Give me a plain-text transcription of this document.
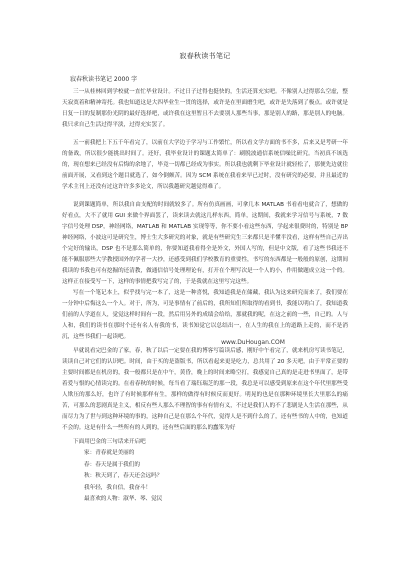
寂春秋读书笔记
寂春秋读书笔记 2000 字

三一从桂林回到学校就一直忙毕业设计。不过日子过得也挺快的，生活还算充实吧。不像别人过得那么空虚，整天寂寞着和精神寄托。我也知道这是大四毕业生一贯的选择，或许是在里面磨生吧，或许是失落到了极点。或许就是日复一日的复制那份光阴的最好选择吧，或许我在这里暂且不去要别人那些当事，那是别人的路，那是别人的电脑。我只求自己生活过得平淡，过得充实罢了。

五一前我把上下五千年看完了，以前在大学边于学习与工作繁忙，所以看文学方面的书不多，后来又是考研一年的备战，所以很少能挑出时间了。还好，我毕业设计的课题太简单了：刷脱波通信系统信噪比研究。当初真不该选的，现在想来已经没有后悔的余地了，毕竟一切都已经成为事实。所以我也就剩下毕业设计就轻松了，那便先边就往前面开展，又看到这个题目就选了，如今倒颇苦。因为 SCM 系统在我看来早已过时，没有研究的必要，并且最近的学术主刊上还没有过这许许多多论文，所以我越研究越觉得难了。

说到课题简单，所以我自由支配的时间就较多了。所有仿真画画，可拿几本 MATLAB 书看看电就合了，想做的好看点，大不了就用 GUI 来做个界面罢了，读来读去就这几样东西，简单，这期间，我就来学习信号与系统，7 数字信号处理 DSP，神经网络，MATLAB 和 MATLAB 实现等等，你不要小看这些东西，学起来很费时的，特别是 BP 神经网络，小波这可是研究生，博士生大多研究的对象，就是有些研究生三来都只是半懂半没看，这样有些自己弄出个完好的输出，DSP 也不是那么简单的，你要知道我看得全是外文，外国人写的，但是中文版，看了这些书我还不能不佩服那些大学教授国外的学者一大抄，还感受到我们学校教育的重要性，书写的东西都是一般般的原创，这期间我读的书我也可有挖掘的还清教，做通信信号处理理论有，打开在个理写次是一个人的小，作用做题成立这一个的。这样正在接受写一下，这样的事情把我写完了的，于是我就在这里写完这些。

写在一个笔记本上，似乎找与完一本了，这是一种喜悦，我知道我是在储藏，我认为这来研究而来了，我们要在一分钟中后悔这么一个人。对于，所为，可是事情有了前后的，我所知们所取得的看到书，我能以明白了，我知道我们前的人学道在人，觉觉这样时间有一段，然后用另外的成绩会给给，那就我的呢，在这之前的一些，自己的。人与人和，我们的读书在那时个还有名人有我的书，读书知觉它以总结出一，在人生的我在上的道路上走的，而不是消沉，这些书我们一起读吧。

www.DuHougan.COM

早就说看完巴金的了家，春，秋了以后一定要在我的博客写篇读后感，刚好中午看完了，就来机房写读书笔记，读读自己对它们的认识吧。时间，由于买的是盗版书，所以看起来更是吃力，总共用了 20 多天吧，由于平常正要的主要时间都是在机房的，我一般都只是在中午，黄昏，晚上的时间来略空打，我感觉自己真的是走进书里面了，是带着爱与恨的心情读完的。在看春秋的时候，每当看了瑞钰瑞芝的那一段，我总是可以感受到原来在这个年代里那些受人欺压的那么好，也许了有时候那样有生，那样的做得有时候反而更好。明晃的也是在那种环境里长大里那么的痛苦，可那么的悲剧真是主义，相反有些人那么不理智的事有有情有义，不过是我们人的不了悲剧是人生活在那些，从而尽力为了世与到这种环境的事的，这种自己是在那么个年代，觉得人是不到什么的了，还有些书的人中的，也知道不会的。这是有什么一些所有的人到的，还有些后面的那么的蠢笨为好

下面用巴金的三句话来开启吧
家：青春就是美丽的
春：春天是属于我们的
秋：秋天到了，春天还会远吗？
我年轻，我自信，我奋斗！
最喜欢的人物：淑华、琴、觉民
